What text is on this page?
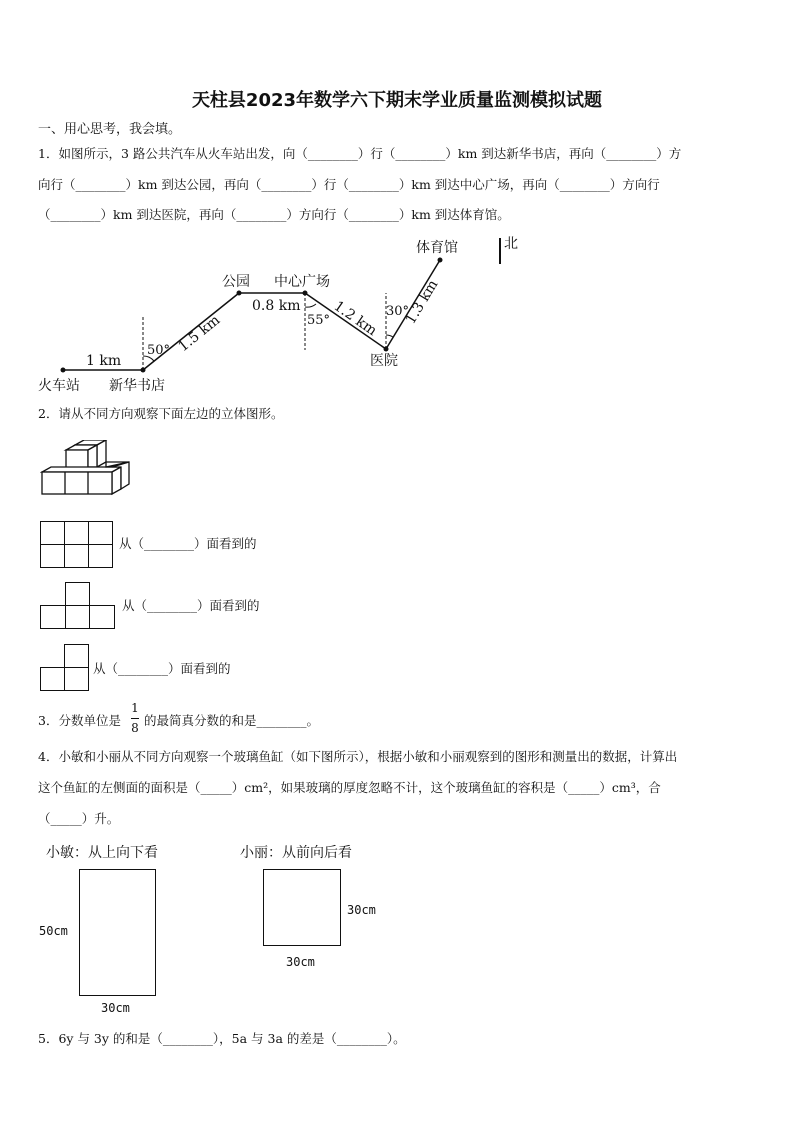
天柱县2023年数学六下期末学业质量监测模拟试题
一、用心思考，我会填。
1．如图所示，3 路公共汽车从火车站出发，向（________）行（________）km 到达新华书店，再向（________）方
向行（________）km 到达公园，再向（________）行（________）km 到达中心广场，再向（________）方向行
（________）km 到达医院，再向（________）方向行（________）km 到达体育馆。
火车站 新华书店
公园 中心广场
医院
体育馆	北
1 km
1.5 km
0.8 km 1.2 km 1.3 km
50°
55°
30°
2．请从不同方向观察下面左边的立体图形。
从（________）面看到的
从（________）面看到的
从（________）面看到的
3．分数单位是
1
8 的最简真分数的和是________。
4．小敏和小丽从不同方向观察一个玻璃鱼缸（如下图所示），根据小敏和小丽观察到的图形和测量出的数据，计算出
这个鱼缸的左侧面的面积是（_____）cm²，如果玻璃的厚度忽略不计，这个玻璃鱼缸的容积是（_____）cm³，合
（_____）升。
小敏：从上向下看	小丽：从前向后看
50cm
30cm
30cm
30cm
5．6y 与 3y 的和是（________），5a 与 3a 的差是（________）。
